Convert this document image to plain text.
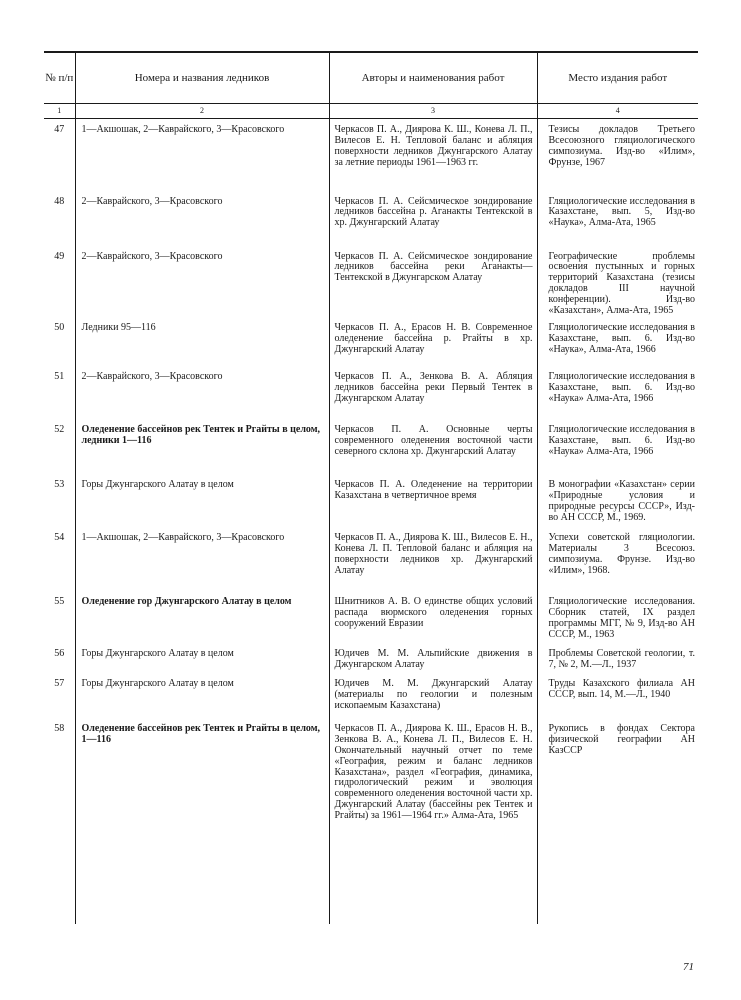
№ п/п	Номера и названия ледников	Авторы и наименования работ	Место издания работ
1	2	3	4
47	1—Акшошак, 2—Каврайского, 3—Красовского	Черкасов П. А., Диярова К. Ш., Конева Л. П., Вилесов Е. Н. Тепловой баланс и абляция поверхности ледников Джунгарского Алатау за летние периоды 1961—1963 гг.	Тезисы докладов Третьего Всесоюзного гляциологического симпозиума. Изд-во «Илим», Фрунзе, 1967
48	2—Каврайского, 3—Красовского	Черкасов П. А. Сейсмическое зондирование ледников бассейна р. Аганакты Тентекской в хр. Джунгарский Алатау	Гляциологические исследования в Казахстане, вып. 5, Изд-во «Наука», Алма-Ата, 1965
49	2—Каврайского, 3—Красовского	Черкасов П. А. Сейсмическое зондирование ледников бассейна реки Аганакты—Тентекской в Джунгарском Алатау	Географические проблемы освоения пустынных и горных территорий Казахстана (тезисы докладов III научной конференции). Изд-во «Казахстан», Алма-Ата, 1965
50	Ледники 95—116	Черкасов П. А., Ерасов Н. В. Современное оледенение бассейна р. Ргайты в хр. Джунгарский Алатау	Гляциологические исследования в Казахстане, вып. 6. Изд-во «Наука», Алма-Ата, 1966
51	2—Каврайского, 3—Красовского	Черкасов П. А., Зенкова В. А. Абляция ледников бассейна реки Первый Тентек в Джунгарском Алатау	Гляциологические исследования в Казахстане, вып. 6. Изд-во «Наука» Алма-Ата, 1966
52	Оледенение бассейнов рек Тентек и Ргайты в целом, ледники 1—116	Черкасов П. А. Основные черты современного оледенения восточной части северного склона хр. Джунгарский Алатау	Гляциологические исследования в Казахстане, вып. 6. Изд-во «Наука» Алма-Ата, 1966
53	Горы Джунгарского Алатау в целом	Черкасов П. А. Оледенение на территории Казахстана в четвертичное время	В монографии «Казахстан» серии «Природные условия и природные ресурсы СССР», Изд-во АН СССР, М., 1969.
54	1—Акшошак, 2—Каврайского, 3—Красовского	Черкасов П. А., Диярова К. Ш., Вилесов Е. Н., Конева Л. П. Тепловой баланс и абляция на поверхности ледников хр. Джунгарский Алатау	Успехи советской гляциологии. Материалы 3 Всесоюз. симпозиума. Фрунзе. Изд-во «Илим», 1968.
55	Оледенение гор Джунгарского Алатау в целом	Шнитников А. В. О единстве общих условий распада вюрмского оледенения горных сооружений Евразии	Гляциологические исследования. Сборник статей, IX раздел программы МГГ, № 9, Изд-во АН СССР, М., 1963
56	Горы Джунгарского Алатау в целом	Юдичев М. М. Альпийские движения в Джунгарском Алатау	Проблемы Советской геологии, т. 7, № 2, М.—Л., 1937
57	Горы Джунгарского Алатау в целом	Юдичев М. М. Джунгарский Алатау (материалы по геологии и полезным ископаемым Казахстана)	Труды Казахского филиала АН СССР, вып. 14, М.—Л., 1940
58	Оледенение бассейнов рек Тентек и Ргайты в целом, 1—116	Черкасов П. А., Диярова К. Ш., Ерасов Н. В., Зенкова В. А., Конева Л. П., Вилесов Е. Н. Окончательный научный отчет по теме «География, режим и баланс ледников Казахстана», раздел «География, динамика, гидрологический режим и эволюция современного оледенения восточной части хр. Джунгарский Алатау (бассейны рек Тентек и Ргайты) за 1961—1964 гг.» Алма-Ата, 1965	Рукопись в фондах Сектора физической географии АН КазССР
71
